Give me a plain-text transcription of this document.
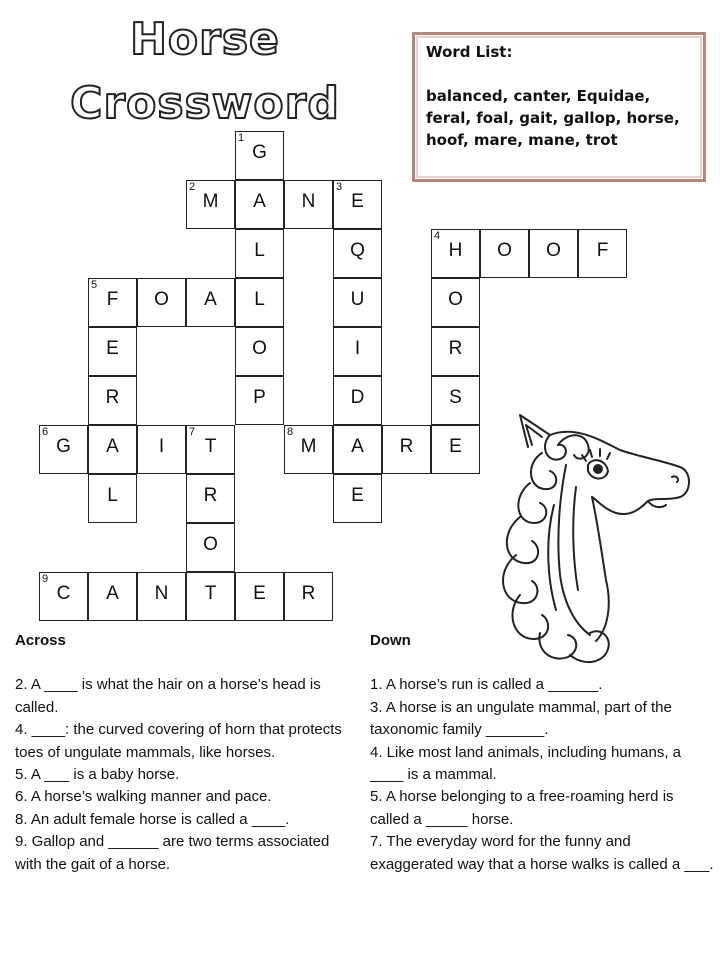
Horse
Crossword
Word List:
balanced, canter, Equidae, feral, foal, gait, gallop, horse, hoof, mare, mane, trot
1
G
2
M	A	N
3
E
L	Q
4
H	O	O	F
5
F	O	A	L	U	O
E	O	I	R
R	P	D	S
6
G	A	I
7
T
8
M	A	R	E
L	R	E
O
9
C	A	N	T	E	R
Across

2. A ____ is what the hair on a horse’s head is called.

4. ____: the curved covering of horn that protects toes of ungulate mammals, like horses.

5. A ___ is a baby horse.

6. A horse’s walking manner and pace.

8. An adult female horse is called a ____.

9. Gallop and ______ are two terms associated with the gait of a horse.

Down

1. A horse’s run is called a ______.

3. A horse is an ungulate mammal, part of the taxonomic family _______.

4. Like most land animals, including humans, a ____ is a mammal.

5. A horse belonging to a free-roaming herd is called a _____ horse.

7. The everyday word for the funny and exaggerated way that a horse walks is called a ___.
